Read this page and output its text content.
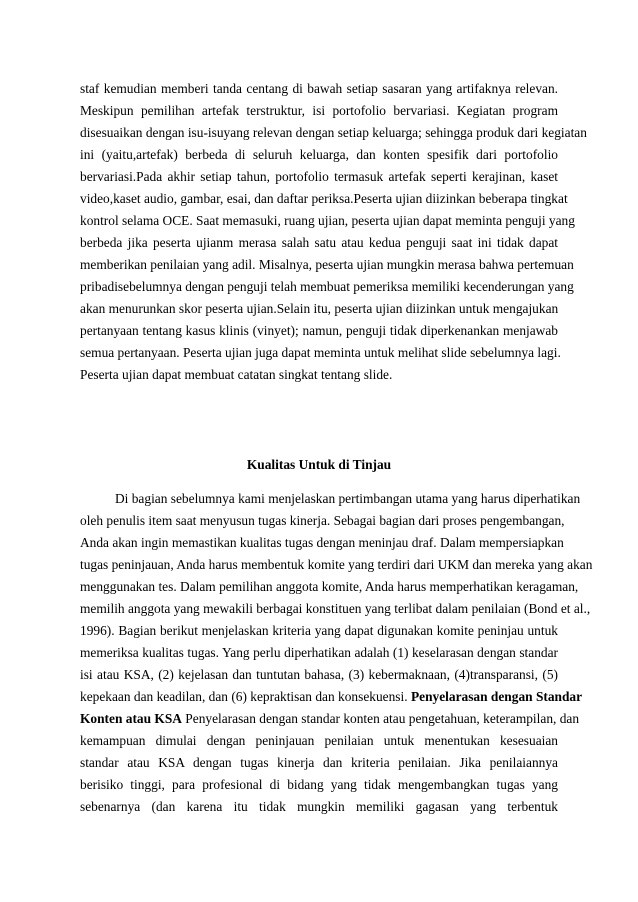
staf kemudian memberi tanda centang di bawah setiap sasaran yang artifaknya relevan.
Meskipun pemilihan artefak terstruktur, isi portofolio bervariasi. Kegiatan program
disesuaikan dengan isu-isuyang relevan dengan setiap keluarga; sehingga produk dari kegiatan
ini (yaitu,artefak) berbeda di seluruh keluarga, dan konten spesifik dari portofolio
bervariasi.Pada akhir setiap tahun, portofolio termasuk artefak seperti kerajinan, kaset
video,kaset audio, gambar, esai, dan daftar periksa.Peserta ujian diizinkan beberapa tingkat
kontrol selama OCE. Saat memasuki, ruang ujian, peserta ujian dapat meminta penguji yang
berbeda jika peserta ujianm merasa salah satu atau kedua penguji saat ini tidak dapat
memberikan penilaian yang adil. Misalnya, peserta ujian mungkin merasa bahwa pertemuan
pribadisebelumnya dengan penguji telah membuat pemeriksa memiliki kecenderungan yang
akan menurunkan skor peserta ujian.Selain itu, peserta ujian diizinkan untuk mengajukan
pertanyaan tentang kasus klinis (vinyet); namun, penguji tidak diperkenankan menjawab
semua pertanyaan. Peserta ujian juga dapat meminta untuk melihat slide sebelumnya lagi.
Peserta ujian dapat membuat catatan singkat tentang slide.
Kualitas Untuk di Tinjau
Di bagian sebelumnya kami menjelaskan pertimbangan utama yang harus diperhatikan
oleh penulis item saat menyusun tugas kinerja. Sebagai bagian dari proses pengembangan,
Anda akan ingin memastikan kualitas tugas dengan meninjau draf. Dalam mempersiapkan
tugas peninjauan, Anda harus membentuk komite yang terdiri dari UKM dan mereka yang akan
menggunakan tes. Dalam pemilihan anggota komite, Anda harus memperhatikan keragaman,
memilih anggota yang mewakili berbagai konstituen yang terlibat dalam penilaian (Bond et al.,
1996). Bagian berikut menjelaskan kriteria yang dapat digunakan komite peninjau untuk
memeriksa kualitas tugas. Yang perlu diperhatikan adalah (1) keselarasan dengan standar
isi atau KSA, (2) kejelasan dan tuntutan bahasa, (3) kebermaknaan, (4)transparansi, (5)
kepekaan dan keadilan, dan (6) kepraktisan dan konsekuensi. Penyelarasan dengan Standar
Konten atau KSA Penyelarasan dengan standar konten atau pengetahuan, keterampilan, dan
kemampuan dimulai dengan peninjauan penilaian untuk menentukan kesesuaian
standar atau KSA dengan tugas kinerja dan kriteria penilaian. Jika penilaiannya
berisiko tinggi, para profesional di bidang yang tidak mengembangkan tugas yang
sebenarnya (dan karena itu tidak mungkin memiliki gagasan yang terbentuk
